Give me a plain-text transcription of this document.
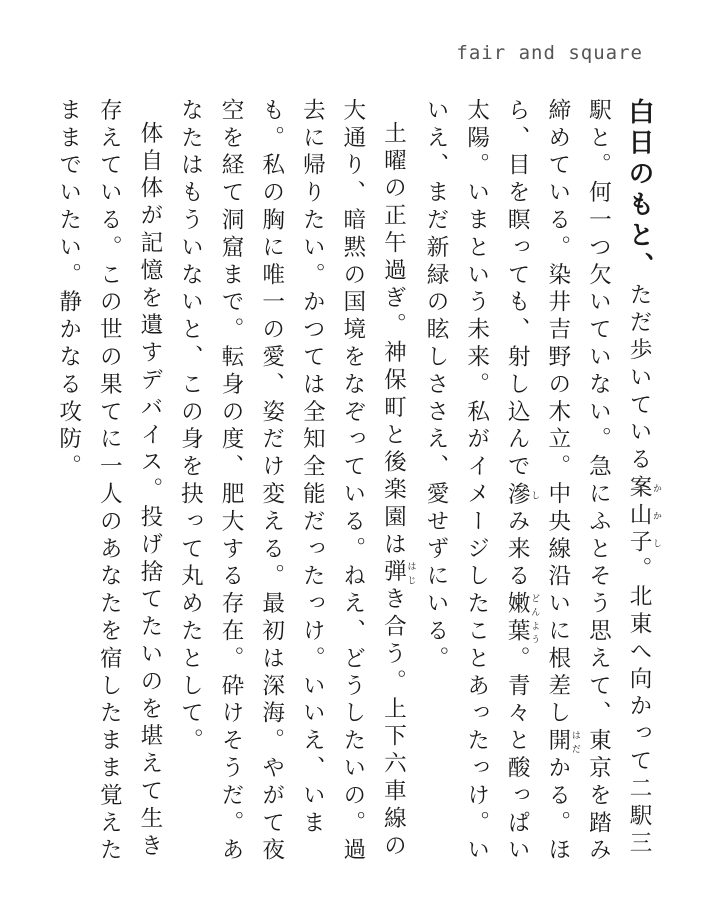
fair and square

白日のもと、ただ歩いている案山子 かかし。北東へ向かって二駅三駅と。何一つ欠いていない。急にふとそう思えて、東京を踏み締めている。染井吉野の木立。中央線沿いに根差し開 はだかる。ほら、目を瞑っても、射し込んで滲 しみ来る嫩葉 どんよう。青々と酸っぱい太陽。いまという未来。私がイメージしたことあったっけ。いいえ、まだ新緑の眩しささえ、愛せずにいる。

土曜の正午過ぎ。神保町と後楽園は弾 はじき合う。上下六車線の大通り、暗黙の国境をなぞっている。ねえ、どうしたいの。過去に帰りたい。かつては全知全能だったっけ。いいえ、いまも。私の胸に唯一の愛、姿だけ変える。最初は深海。やがて夜空を経て洞窟まで。転身の度、肥大する存在。砕けそうだ。あなたはもういないと、この身を抉って丸めたとして。

体自体が記憶を遺すデバイス。投げ捨てたいのを堪えて生き存えている。この世の果てに一人のあなたを宿したまま覚えたままでいたい。静かなる攻防。
